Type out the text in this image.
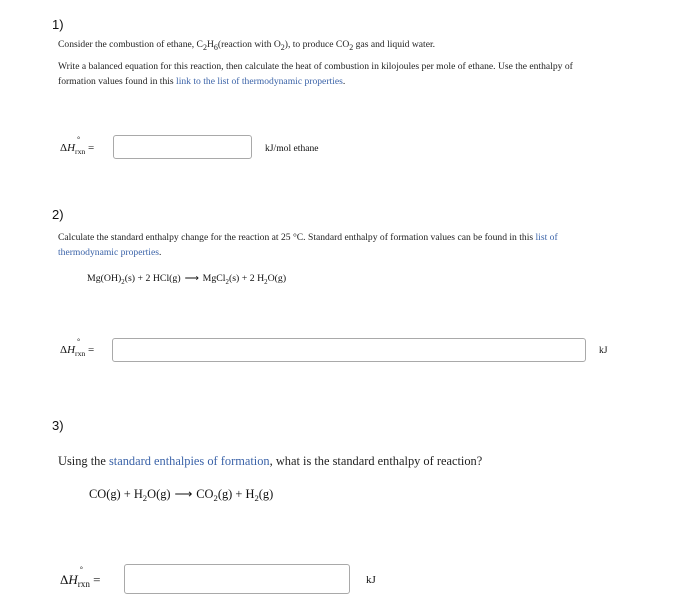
1)
Consider the combustion of ethane, $C_2H_6(reaction$ with $O_2$), to produce $CO_2$ gas and liquid water.
Write a balanced equation for this reaction, then calculate the heat of combustion in kilojoules per mole of ethane. Use the enthalpy of formation values found in this link to the list of thermodynamic properties.
ΔH
°
$_{rxn}$ =	kJ/mol ethane
2)
Calculate the standard enthalpy change for the reaction at 25 °C. Standard enthalpy of formation values can be found in this list of thermodynamic properties.
$Mg(OH)_2(s) + 2$ HCl(g) ⟶ MgCl$_2$(s) + 2 $H_2O(g)$
ΔH
°
$_{rxn}$ =	kJ
3)
Using the standard enthalpies of formation, what is the standard enthalpy of reaction?
$CO(g) + H_2O(g)$ ⟶ $CO_2(g) + H_2(g)$
ΔH
°
$_{rxn}$ =	kJ
